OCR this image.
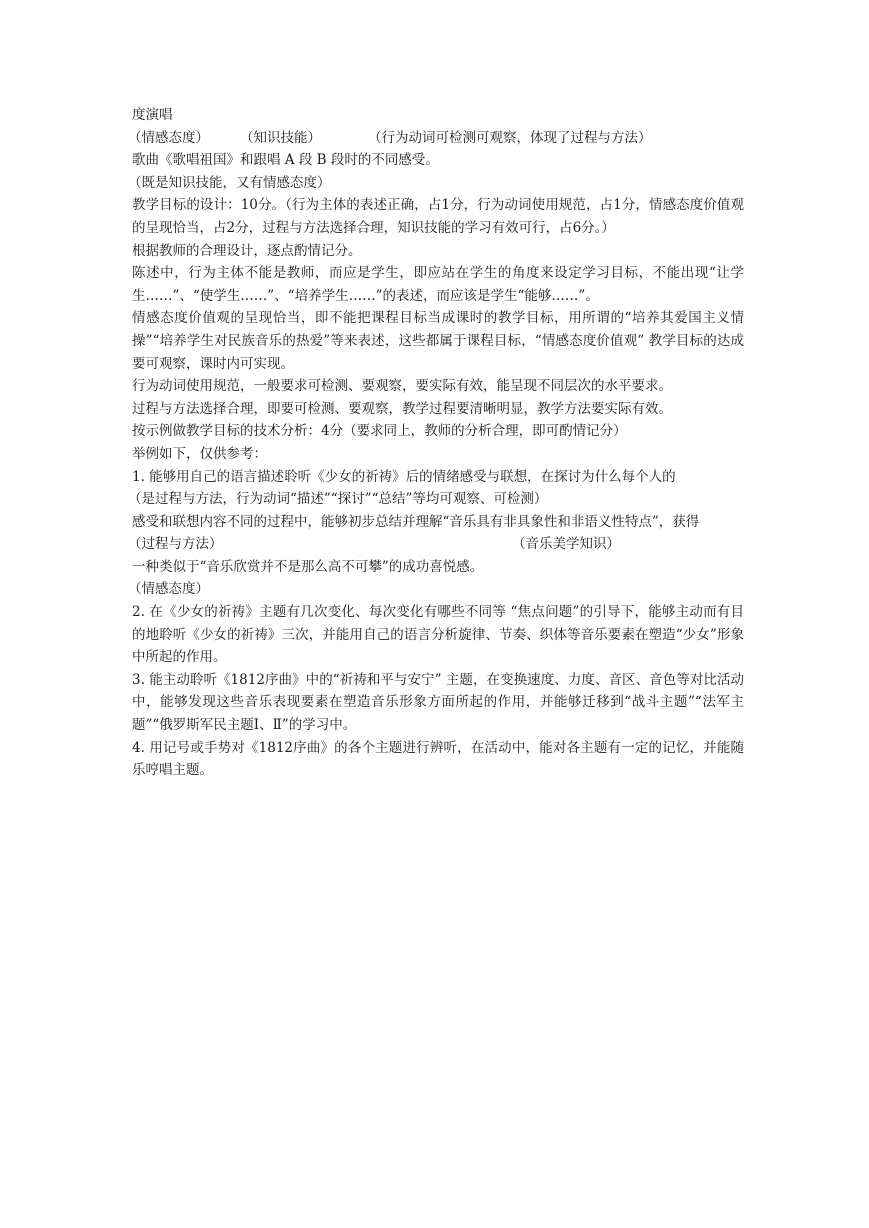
度演唱
（情感态度）	（知识技能）	（行为动词可检测可观察，体现了过程与方法）
歌曲《歌唱祖国》和跟唱 A 段 B 段时的不同感受。
（既是知识技能，又有情感态度）
教学目标的设计：10分。（行为主体的表述正确，占1分，行为动词使用规范，占1分，情感态度价值观的呈现恰当，占2分，过程与方法选择合理，知识技能的学习有效可行，占6分。）
根据教师的合理设计，逐点酌情记分。
陈述中，行为主体不能是教师，而应是学生，即应站在学生的角度来设定学习目标，不能出现“让学生……”、“使学生……”、“培养学生……”的表述，而应该是学生“能够……”。
情感态度价值观的呈现恰当，即不能把课程目标当成课时的教学目标，用所谓的“培养其爱国主义情操”“培养学生对民族音乐的热爱”等来表述，这些都属于课程目标，“情感态度价值观” 教学目标的达成要可观察，课时内可实现。
行为动词使用规范，一般要求可检测、要观察，要实际有效，能呈现不同层次的水平要求。
过程与方法选择合理，即要可检测、要观察，教学过程要清晰明显，教学方法要实际有效。
按示例做教学目标的技术分析：4分（要求同上，教师的分析合理，即可酌情记分）
举例如下，仅供参考：
1. 能够用自己的语言描述聆听《少女的祈祷》后的情绪感受与联想，在探讨为什么每个人的
（是过程与方法，行为动词“描述”“探讨”“总结”等均可观察、可检测）
感受和联想内容不同的过程中，能够初步总结并理解“音乐具有非具象性和非语义性特点”，获得
（过程与方法）	（音乐美学知识）
一种类似于“音乐欣赏并不是那么高不可攀”的成功喜悦感。
（情感态度）
2. 在《少女的祈祷》主题有几次变化、每次变化有哪些不同等 “焦点问题”的引导下，能够主动而有目的地聆听《少女的祈祷》三次，并能用自己的语言分析旋律、节奏、织体等音乐要素在塑造“少女”形象中所起的作用。
3. 能主动聆听《1812序曲》中的“祈祷和平与安宁” 主题，在变换速度、力度、音区、音色等对比活动中，能够发现这些音乐表现要素在塑造音乐形象方面所起的作用，并能够迁移到“战斗主题”“法军主题”“俄罗斯军民主题Ⅰ、Ⅱ”的学习中。
4. 用记号或手势对《1812序曲》的各个主题进行辨听，在活动中，能对各主题有一定的记忆，并能随乐哼唱主题。
